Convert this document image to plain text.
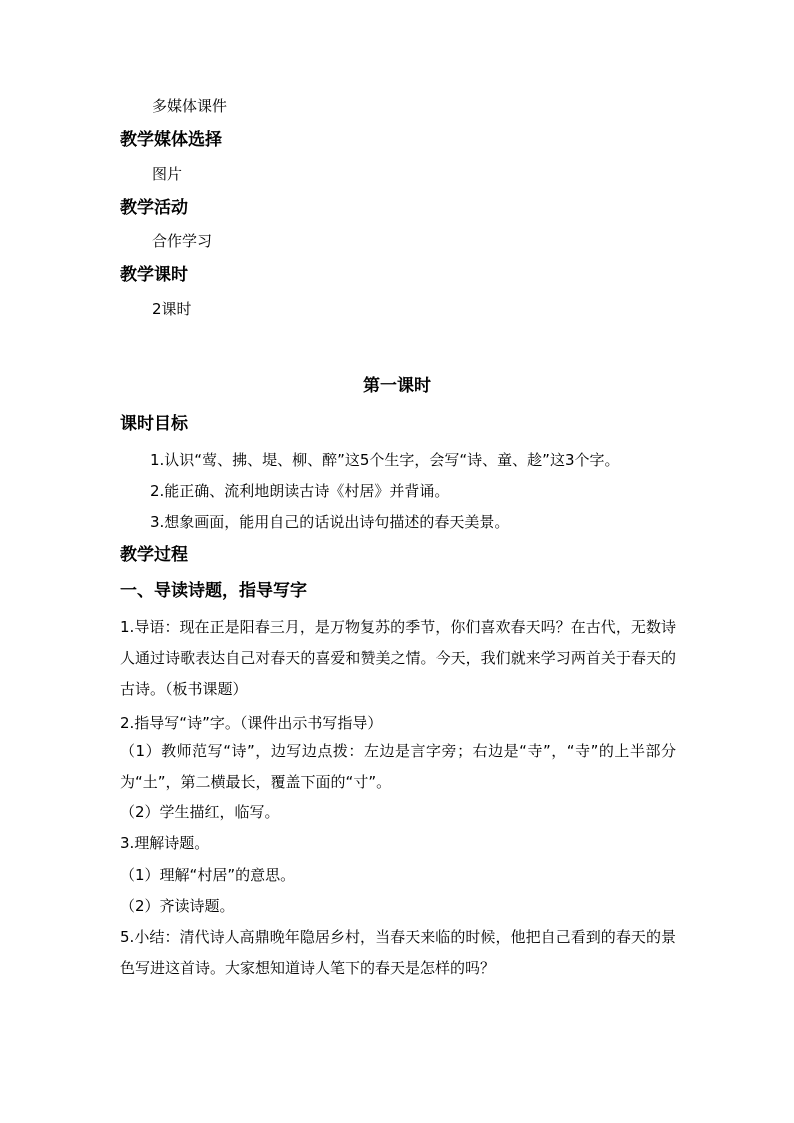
多媒体课件
教学媒体选择
图片
教学活动
合作学习
教学课时
2课时
第一课时
课时目标
1.认识“莺、拂、堤、柳、醉”这5个生字，会写“诗、童、趁”这3个字。
2.能正确、流利地朗读古诗《村居》并背诵。
3.想象画面，能用自己的话说出诗句描述的春天美景。
教学过程
一、导读诗题，指导写字
1.导语：现在正是阳春三月，是万物复苏的季节，你们喜欢春天吗？在古代，无数诗人通过诗歌表达自己对春天的喜爱和赞美之情。今天，我们就来学习两首关于春天的古诗。（板书课题）
2.指导写“诗”字。（课件出示书写指导）
（1）教师范写“诗”，边写边点拨：左边是言字旁；右边是“寺”，“寺”的上半部分为“土”，第二横最长，覆盖下面的“寸”。
（2）学生描红，临写。
3.理解诗题。
（1）理解“村居”的意思。
（2）齐读诗题。
5.小结：清代诗人高鼎晚年隐居乡村，当春天来临的时候，他把自己看到的春天的景色写进这首诗。大家想知道诗人笔下的春天是怎样的吗？
